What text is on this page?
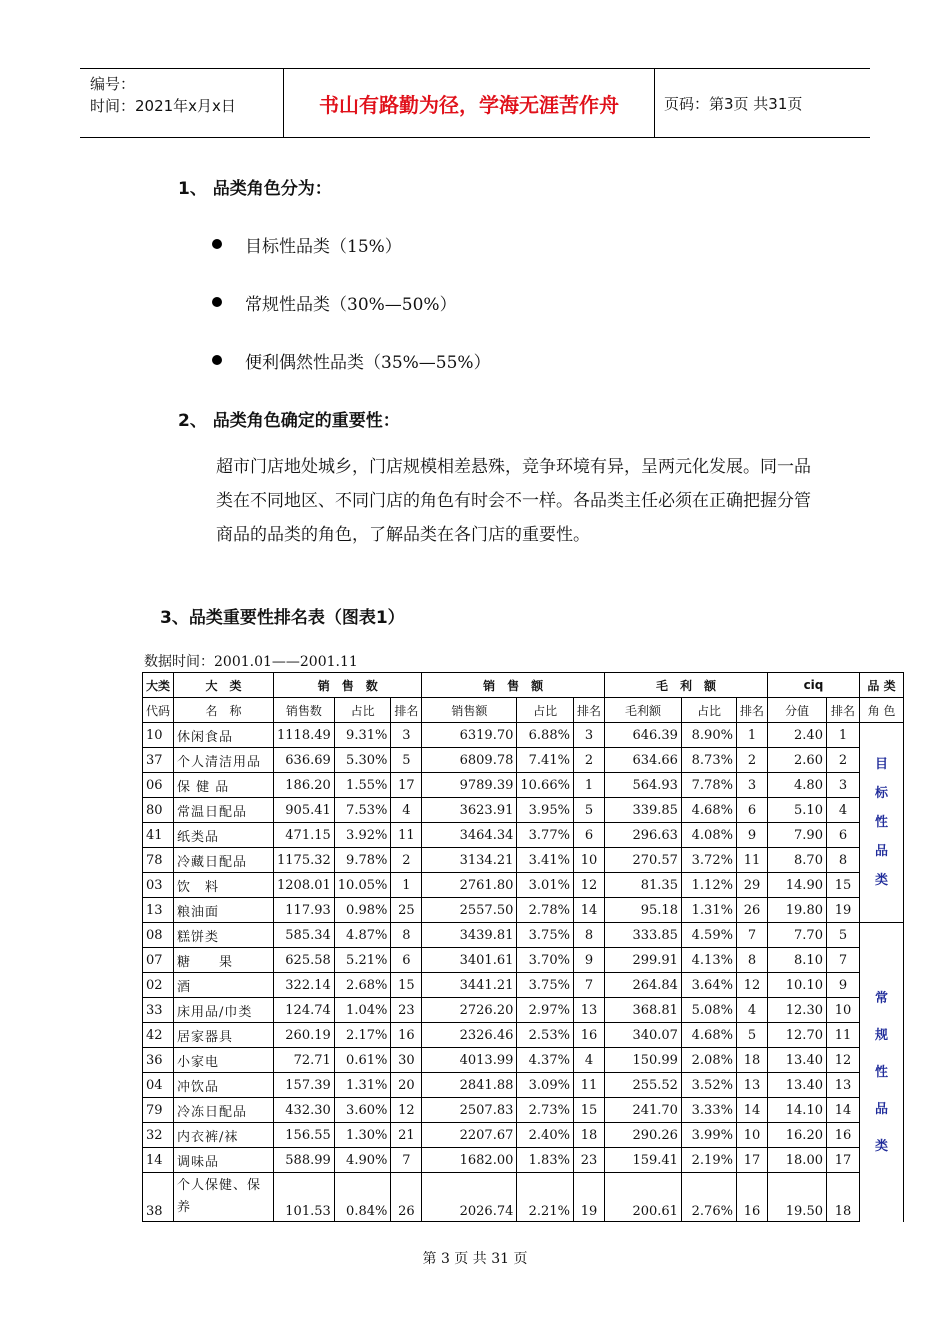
编号：
时间：2021年x月x日	书山有路勤为径，学海无涯苦作舟	页码：第3页 共31页
1、 品类角色分为：
目标性品类（15%）
常规性品类（30%—50%）
便利偶然性品类（35%—55%）
2、 品类角色确定的重要性：
超市门店地处城乡，门店规模相差悬殊，竞争环境有异，呈两元化发展。同一品类在不同地区、不同门店的角色有时会不一样。各品类主任必须在正确把握分管商品的品类的角色，了解品类在各门店的重要性。
3、品类重要性排名表（图表1）
数据时间：2001.01——2001.11
大类	大　类	销　售　数			销　售　额			毛　利　额			ciq		品 类
代码	名　称	销售数	占比	排名	销售额	占比	排名	毛利额	占比	排名	分值	排名	角 色
10	休闲食品	1118.49	9.31%	3	6319.70	6.88%	3	646.39	8.90%	1	2.40	1	目
标
性
品
类

37	个人清洁用品	636.69	5.30%	5	6809.78	7.41%	2	634.66	8.73%	2	2.60	2	
06	保 健 品	186.20	1.55%	17	9789.39	10.66%	1	564.93	7.78%	3	4.80	3	
80	常温日配品	905.41	7.53%	4	3623.91	3.95%	5	339.85	4.68%	6	5.10	4	
41	纸类品	471.15	3.92%	11	3464.34	3.77%	6	296.63	4.08%	9	7.90	6	
78	冷藏日配品	1175.32	9.78%	2	3134.21	3.41%	10	270.57	3.72%	11	8.70	8	
03	饮　料	1208.01	10.05%	1	2761.80	3.01%	12	81.35	1.12%	29	14.90	15	
13	粮油面	117.93	0.98%	25	2557.50	2.78%	14	95.18	1.31%	26	19.80	19	
08	糕饼类	585.34	4.87%	8	3439.81	3.75%	8	333.85	4.59%	7	7.70	5	常
规
性
品
类

07	糖　　果	625.58	5.21%	6	3401.61	3.70%	9	299.91	4.13%	8	8.10	7	
02	酒	322.14	2.68%	15	3441.21	3.75%	7	264.84	3.64%	12	10.10	9	
33	床用品/巾类	124.74	1.04%	23	2726.20	2.97%	13	368.81	5.08%	4	12.30	10	
42	居家器具	260.19	2.17%	16	2326.46	2.53%	16	340.07	4.68%	5	12.70	11	
36	小家电	72.71	0.61%	30	4013.99	4.37%	4	150.99	2.08%	18	13.40	12	
04	冲饮品	157.39	1.31%	20	2841.88	3.09%	11	255.52	3.52%	13	13.40	13	
79	冷冻日配品	432.30	3.60%	12	2507.83	2.73%	15	241.70	3.33%	14	14.10	14	
32	内衣裤/袜	156.55	1.30%	21	2207.67	2.40%	18	290.26	3.99%	10	16.20	16	
14	调味品	588.99	4.90%	7	1682.00	1.83%	23	159.41	2.19%	17	18.00	17	
38	个人保健、保养	101.53	0.84%	26	2026.74	2.21%	19	200.61	2.76%	16	19.50	18	
第 3 页 共 31 页
